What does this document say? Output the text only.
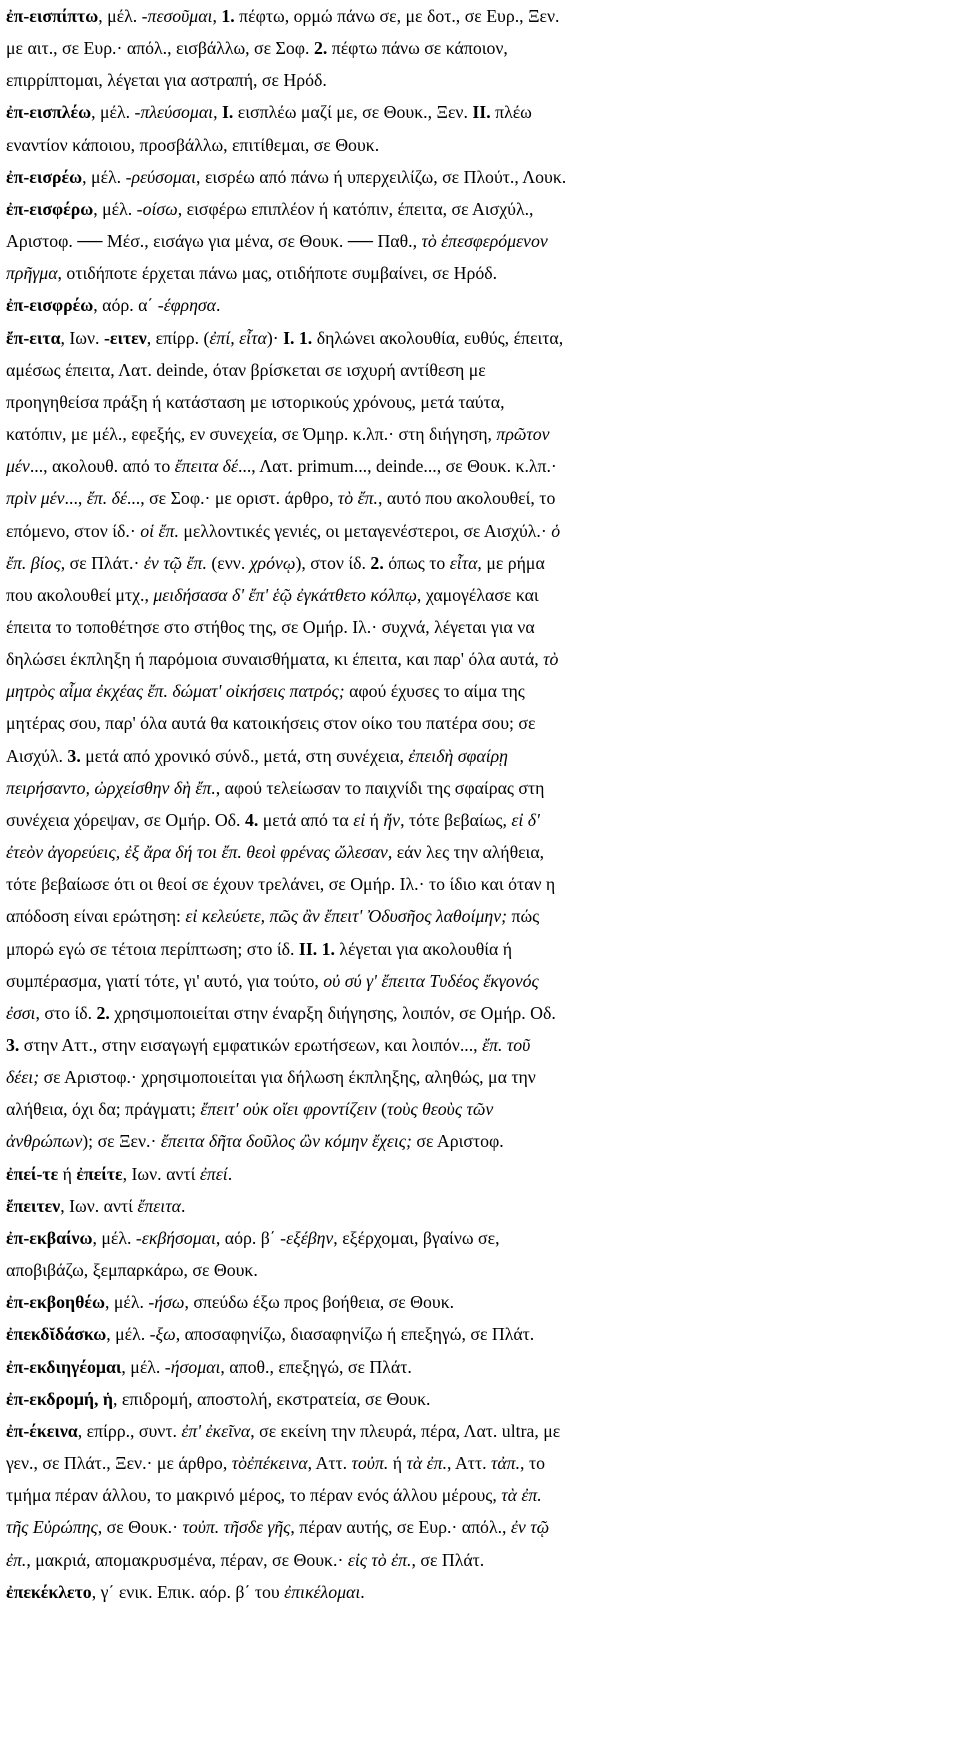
ἐπ-εισπίπτω, μέλ. -πεσοῦμαι, 1. πέφτω, ορμώ πάνω σε, με δοτ., σε Ευρ., Ξεν.
με αιτ., σε Ευρ.· απόλ., εισβάλλω, σε Σοφ. 2. πέφτω πάνω σε κάποιον,
επιρρίπτομαι, λέγεται για αστραπή, σε Ηρόδ.
ἐπ-εισπλέω, μέλ. -πλεύσομαι, I. εισπλέω μαζί με, σε Θουκ., Ξεν. II. πλέω
εναντίον κάποιου, προσβάλλω, επιτίθεμαι, σε Θουκ.
ἐπ-εισρέω, μέλ. -ρεύσομαι, εισρέω από πάνω ή υπερχειλίζω, σε Πλούτ., Λουκ.
ἐπ-εισφέρω, μέλ. -οίσω, εισφέρω επιπλέον ή κατόπιν, έπειτα, σε Αισχύλ.,
Αριστοφ. ── Μέσ., εισάγω για μένα, σε Θουκ. ── Παθ., τὸ ἐπεσφερόμενον
πρῆγμα, οτιδήποτε έρχεται πάνω μας, οτιδήποτε συμβαίνει, σε Ηρόδ.
ἐπ-εισφρέω, αόρ. α΄ -έφρησα.
ἔπ-ειτα, Ιων. -ειτεν, επίρρ. (ἐπί, εἶτα)· I. 1. δηλώνει ακολουθία, ευθύς, έπειτα,
αμέσως έπειτα, Λατ. deinde, όταν βρίσκεται σε ισχυρή αντίθεση με
προηγηθείσα πράξη ή κατάσταση με ιστορικούς χρόνους, μετά ταύτα,
κατόπιν, με μέλ., εφεξής, εν συνεχεία, σε Όμηρ. κ.λπ.· στη διήγηση, πρῶτον
μέν..., ακολουθ. από το ἔπειτα δέ..., Λατ. primum..., deinde..., σε Θουκ. κ.λπ.·
πρὶν μέν..., ἔπ. δέ..., σε Σοφ.· με οριστ. άρθρο, τὸ ἔπ., αυτό που ακολουθεί, το
επόμενο, στον ίδ.· οἱ ἔπ. μελλοντικές γενιές, οι μεταγενέστεροι, σε Αισχύλ.· ὁ
ἔπ. βίος, σε Πλάτ.· ἐν τῷ ἔπ. (ενν. χρόνῳ), στον ίδ. 2. όπως το εἶτα, με ρήμα
που ακολουθεί μτχ., μειδήσασα δ' ἔπ' ἑῷ ἐγκάτθετο κόλπῳ, χαμογέλασε και
έπειτα το τοποθέτησε στο στήθος της, σε Ομήρ. Ιλ.· συχνά, λέγεται για να
δηλώσει έκπληξη ή παρόμοια συναισθήματα, κι έπειτα, και παρ' όλα αυτά, τὸ
μητρὸς αἷμα ἐκχέας ἔπ. δώματ' οἰκήσεις πατρός; αφού έχυσες το αίμα της
μητέρας σου, παρ' όλα αυτά θα κατοικήσεις στον οίκο του πατέρα σου; σε
Αισχύλ. 3. μετά από χρονικό σύνδ., μετά, στη συνέχεια, ἐπειδὴ σφαίρῃ
πειρήσαντο, ὠρχείσθην δὴ ἔπ., αφού τελείωσαν το παιχνίδι της σφαίρας στη
συνέχεια χόρεψαν, σε Ομήρ. Οδ. 4. μετά από τα εἰ ή ἤν, τότε βεβαίως, εἰ δ'
ἐτεὸν ἀγορεύεις, ἐξ ἄρα δή τοι ἔπ. θεοὶ φρένας ὤλεσαν, εάν λες την αλήθεια,
τότε βεβαίωσε ότι οι θεοί σε έχουν τρελάνει, σε Ομήρ. Ιλ.· το ίδιο και όταν η
απόδοση είναι ερώτηση: εἰ κελεύετε, πῶς ἂν ἔπειτ' Ὀδυσῆος λαθοίμην; πώς
μπορώ εγώ σε τέτοια περίπτωση; στο ίδ. II. 1. λέγεται για ακολουθία ή
συμπέρασμα, γιατί τότε, γι' αυτό, για τούτο, οὐ σύ γ' ἔπειτα Τυδέος ἔκγονός
ἐσσι, στο ίδ. 2. χρησιμοποιείται στην έναρξη διήγησης, λοιπόν, σε Ομήρ. Οδ.
3. στην Αττ., στην εισαγωγή εμφατικών ερωτήσεων, και λοιπόν..., ἔπ. τοῦ
δέει; σε Αριστοφ.· χρησιμοποιείται για δήλωση έκπληξης, αληθώς, μα την
αλήθεια, όχι δα; πράγματι; ἔπειτ' οὐκ οἴει φροντίζειν (τοὺς θεοὺς τῶν
ἀνθρώπων); σε Ξεν.· ἔπειτα δῆτα δοῦλος ὢν κόμην ἔχεις; σε Αριστοφ.
ἐπεί-τε ή ἐπείτε, Ιων. αντί ἐπεί.
ἔπειτεν, Ιων. αντί ἔπειτα.
ἐπ-εκβαίνω, μέλ. -εκβήσομαι, αόρ. β΄ -εξέβην, εξέρχομαι, βγαίνω σε,
αποβιβάζω, ξεμπαρκάρω, σε Θουκ.
ἐπ-εκβοηθέω, μέλ. -ήσω, σπεύδω έξω προς βοήθεια, σε Θουκ.
ἐπεκδῐδάσκω, μέλ. -ξω, αποσαφηνίζω, διασαφηνίζω ή επεξηγώ, σε Πλάτ.
ἐπ-εκδιηγέομαι, μέλ. -ήσομαι, αποθ., επεξηγώ, σε Πλάτ.
ἐπ-εκδρομή, ἡ, επιδρομή, αποστολή, εκστρατεία, σε Θουκ.
ἐπ-έκεινα, επίρρ., συντ. ἐπ' ἐκεῖνα, σε εκείνη την πλευρά, πέρα, Λατ. ultra, με
γεν., σε Πλάτ., Ξεν.· με άρθρο, τὸἐπέκεινα, Αττ. τοὐπ. ή τὰ ἐπ., Αττ. τἀπ., το
τμήμα πέραν άλλου, το μακρινό μέρος, το πέραν ενός άλλου μέρους, τὰ ἐπ.
τῆς Εὐρώπης, σε Θουκ.· τοὐπ. τῆσδε γῆς, πέραν αυτής, σε Ευρ.· απόλ., ἐν τῷ
ἐπ., μακριά, απομακρυσμένα, πέραν, σε Θουκ.· εἰς τὸ ἐπ., σε Πλάτ.
ἐπεκέκλετο, γ΄ ενικ. Επικ. αόρ. β΄ του ἐπικέλομαι.
